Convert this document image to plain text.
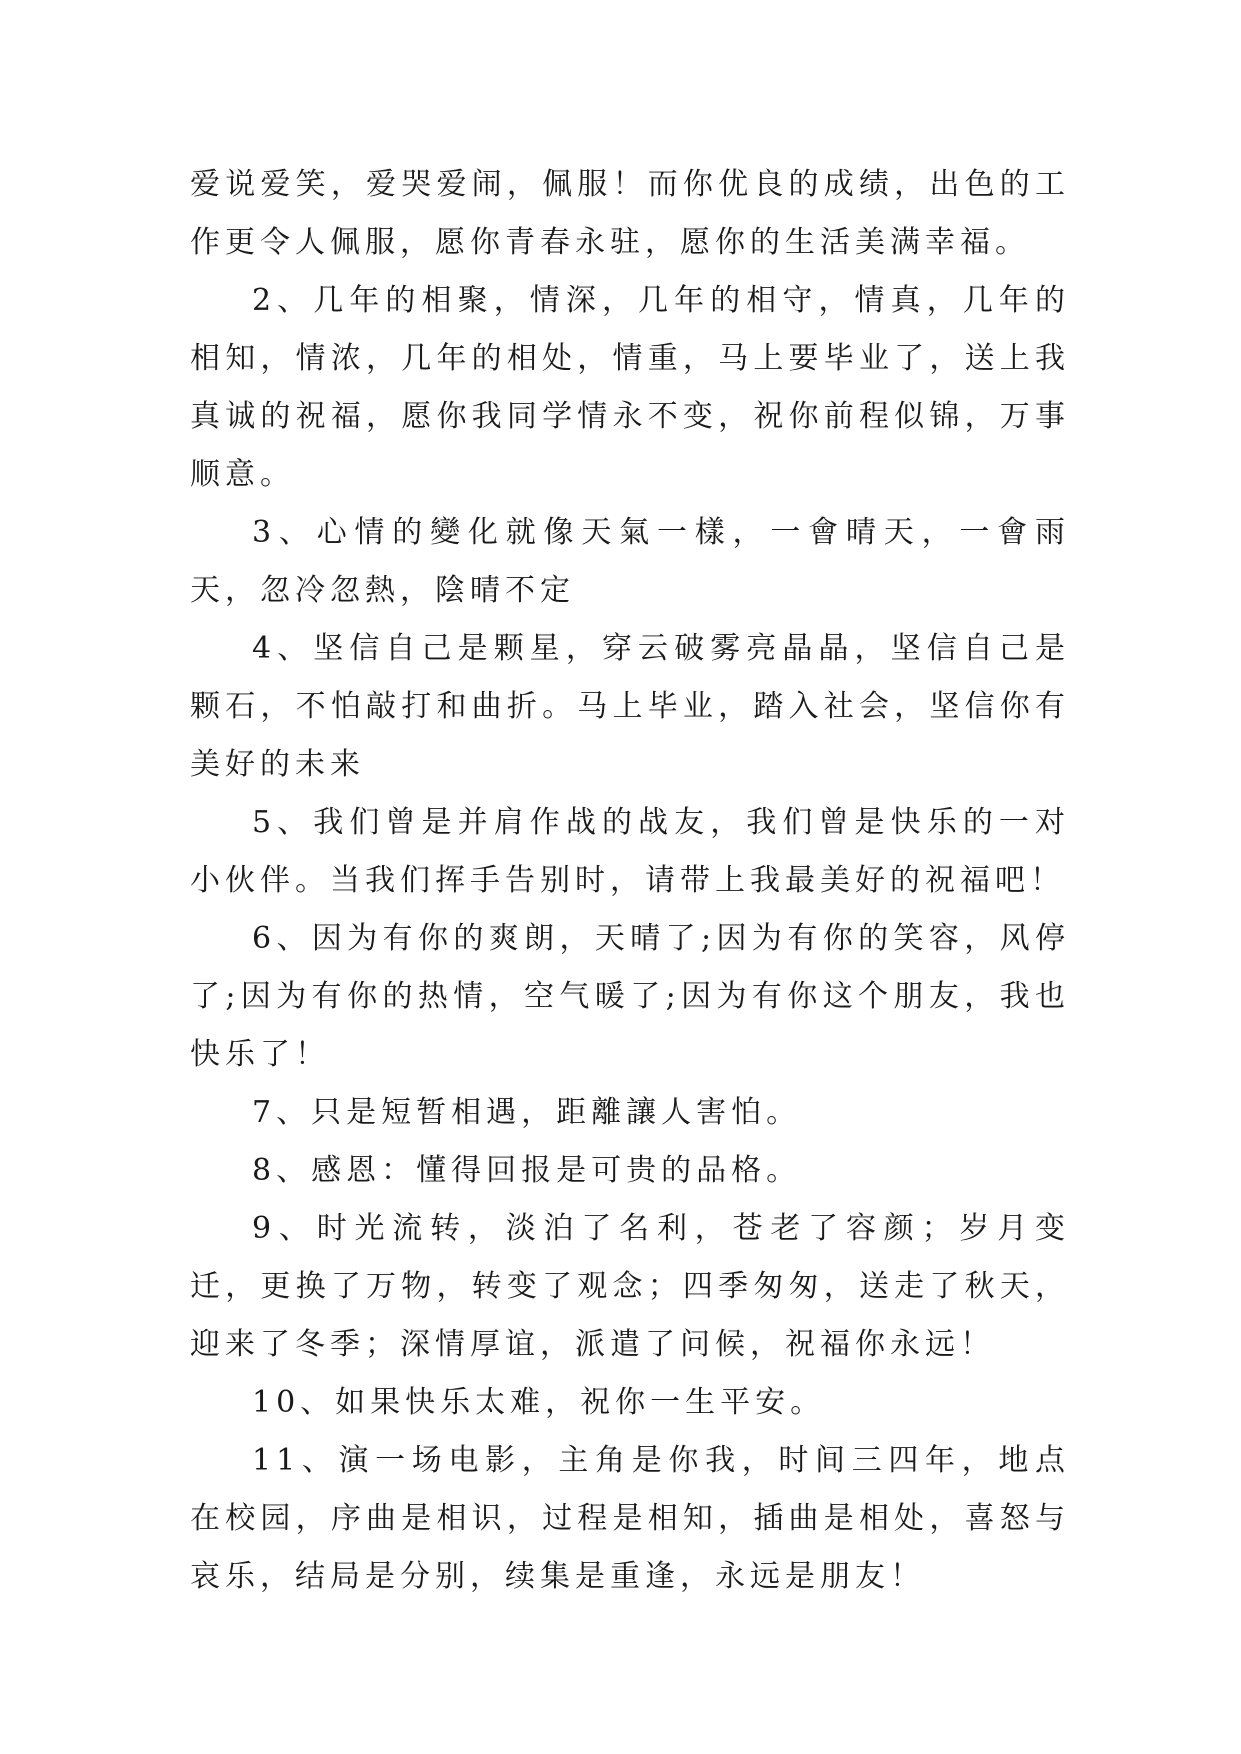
爱说爱笑，爱哭爱闹，佩服！而你优良的成绩，出色的工作更令人佩服，愿你青春永驻，愿你的生活美满幸福。

2、几年的相聚，情深，几年的相守，情真，几年的相知，情浓，几年的相处，情重，马上要毕业了，送上我真诚的祝福，愿你我同学情永不变，祝你前程似锦，万事顺意。

3、心情的變化就像天氣一樣，一會晴天，一會雨天，忽冷忽熱，陰晴不定

4、坚信自己是颗星，穿云破雾亮晶晶，坚信自己是颗石，不怕敲打和曲折。马上毕业，踏入社会，坚信你有美好的未来

5、我们曾是并肩作战的战友，我们曾是快乐的一对小伙伴。当我们挥手告别时，请带上我最美好的祝福吧！

6、因为有你的爽朗，天晴了;因为有你的笑容，风停了;因为有你的热情，空气暖了;因为有你这个朋友，我也快乐了！

7、只是短暂相遇，距離讓人害怕。

8、感恩：懂得回报是可贵的品格。

9、时光流转，淡泊了名利，苍老了容颜；岁月变迁，更换了万物，转变了观念；四季匆匆，送走了秋天，迎来了冬季；深情厚谊，派遣了问候，祝福你永远！

10、如果快乐太难，祝你一生平安。

11、演一场电影，主角是你我，时间三四年，地点在校园，序曲是相识，过程是相知，插曲是相处，喜怒与哀乐，结局是分别，续集是重逢，永远是朋友！
